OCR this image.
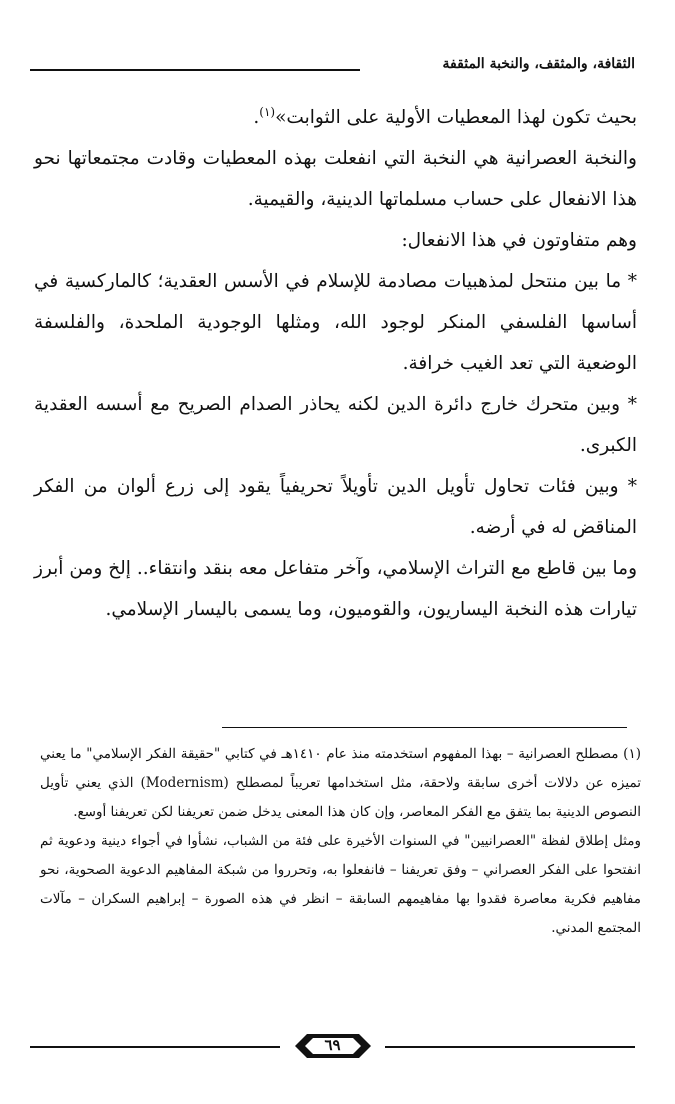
الثقافة، والمثقف، والنخبة المثقفة

بحيث تكون لهذا المعطيات الأولية على الثوابت»$^{(١)}$.

والنخبة العصرانية هي النخبة التي انفعلت بهذه المعطيات وقادت مجتمعاتها نحو هذا الانفعال على حساب مسلماتها الدينية، والقيمية.

وهم متفاوتون في هذا الانفعال:

* ما بين منتحل لمذهبيات مصادمة للإسلام في الأسس العقدية؛ كالماركسية في أساسها الفلسفي المنكر لوجود الله، ومثلها الوجودية الملحدة، والفلسفة الوضعية التي تعد الغيب خرافة.

* وبين متحرك خارج دائرة الدين لكنه يحاذر الصدام الصريح مع أسسه العقدية الكبرى.

* وبين فئات تحاول تأويل الدين تأويلاً تحريفياً يقود إلى زرع ألوان من الفكر المناقض له في أرضه.

وما بين قاطع مع التراث الإسلامي، وآخر متفاعل معه بنقد وانتقاء.. إلخ ومن أبرز تيارات هذه النخبة اليساريون، والقوميون، وما يسمى باليسار الإسلامي.

(١) مصطلح العصرانية – بهذا المفهوم استخدمته منذ عام ١٤١٠هـ في كتابي "حقيقة الفكر الإسلامي" ما يعني تميزه عن دلالات أخرى سابقة ولاحقة، مثل استخدامها تعريباً لمصطلح (Modernism) الذي يعني تأويل النصوص الدينية بما يتفق مع الفكر المعاصر، وإن كان هذا المعنى يدخل ضمن تعريفنا لكن تعريفنا أوسع.

ومثل إطلاق لفظة "العصرانيين" في السنوات الأخيرة على فئة من الشباب، نشأوا في أجواء دينية ودعوية ثم انفتحوا على الفكر العصراني – وفق تعريفنا – فانفعلوا به، وتحرروا من شبكة المفاهيم الدعوية الصحوية، نحو مفاهيم فكرية معاصرة فقدوا بها مفاهيمهم السابقة – انظر في هذه الصورة – إبراهيم السكران – مآلات المجتمع المدني.

٦٩
